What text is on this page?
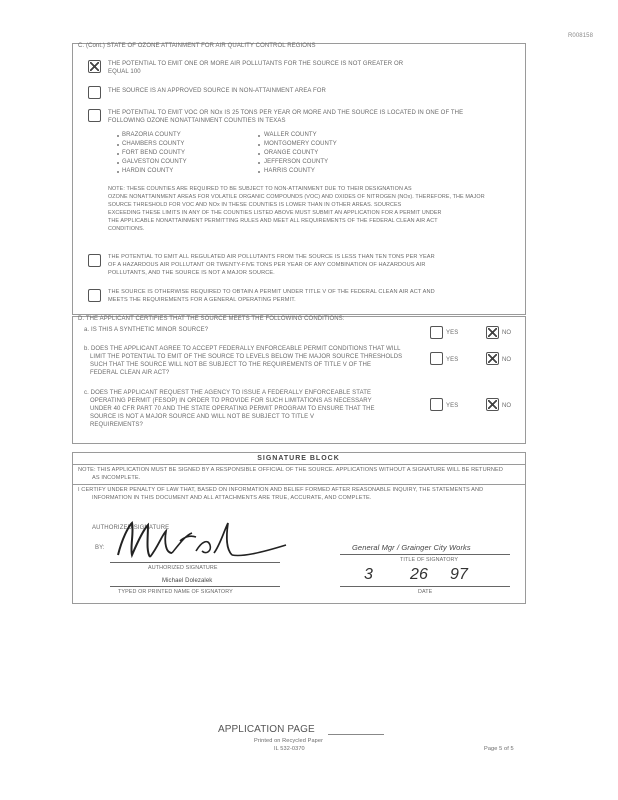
R008158
C. (Cont.) STATE OF OZONE ATTAINMENT FOR AIR QUALITY CONTROL REGIONS
THE POTENTIAL TO EMIT ONE OR MORE AIR POLLUTANTS FOR THE SOURCE IS NOT GREATER OR
EQUAL 100
THE SOURCE IS AN APPROVED SOURCE IN NON-ATTAINMENT AREA FOR
THE POTENTIAL TO EMIT VOC OR NOx IS 25 TONS PER YEAR OR MORE AND THE SOURCE IS LOCATED IN ONE OF THE
FOLLOWING OZONE NONATTAINMENT COUNTIES IN TEXAS
BRAZORIA COUNTY
CHAMBERS COUNTY
FORT BEND COUNTY
GALVESTON COUNTY
HARDIN COUNTY
WALLER COUNTY
MONTGOMERY COUNTY
ORANGE COUNTY
JEFFERSON COUNTY
HARRIS COUNTY
NOTE: THESE COUNTIES ARE REQUIRED TO BE SUBJECT TO NON-ATTAINMENT DUE TO THEIR DESIGNATION AS
OZONE NONATTAINMENT AREAS FOR VOLATILE ORGANIC COMPOUNDS (VOC) AND OXIDES OF NITROGEN (NOx). THEREFORE, THE MAJOR
SOURCE THRESHOLD FOR VOC AND NOx IN THESE COUNTIES IS LOWER THAN IN OTHER AREAS. SOURCES
EXCEEDING THESE LIMITS IN ANY OF THE COUNTIES LISTED ABOVE MUST SUBMIT AN APPLICATION FOR A PERMIT UNDER
THE APPLICABLE NONATTAINMENT PERMITTING RULES AND MEET ALL REQUIREMENTS OF THE FEDERAL CLEAN AIR ACT
CONDITIONS.
THE POTENTIAL TO EMIT ALL REGULATED AIR POLLUTANTS FROM THE SOURCE IS LESS THAN TEN TONS PER YEAR
OF A HAZARDOUS AIR POLLUTANT OR TWENTY-FIVE TONS PER YEAR OF ANY COMBINATION OF HAZARDOUS AIR
POLLUTANTS, AND THE SOURCE IS NOT A MAJOR SOURCE.
THE SOURCE IS OTHERWISE REQUIRED TO OBTAIN A PERMIT UNDER TITLE V OF THE FEDERAL CLEAN AIR ACT AND
MEETS THE REQUIREMENTS FOR A GENERAL OPERATING PERMIT.
D. THE APPLICANT CERTIFIES THAT THE SOURCE MEETS THE FOLLOWING CONDITIONS:
a. IS THIS A SYNTHETIC MINOR SOURCE?	YES	NO
b. DOES THE APPLICANT AGREE TO ACCEPT FEDERALLY ENFORCEABLE PERMIT CONDITIONS THAT WILL
LIMIT THE POTENTIAL TO EMIT OF THE SOURCE TO LEVELS BELOW THE MAJOR SOURCE THRESHOLDS
SUCH THAT THE SOURCE WILL NOT BE SUBJECT TO THE REQUIREMENTS OF TITLE V OF THE
FEDERAL CLEAN AIR ACT?
YES	NO
c. DOES THE APPLICANT REQUEST THE AGENCY TO ISSUE A FEDERALLY ENFORCEABLE STATE
OPERATING PERMIT (FESOP) IN ORDER TO PROVIDE FOR SUCH LIMITATIONS AS NECESSARY
UNDER 40 CFR PART 70 AND THE STATE OPERATING PERMIT PROGRAM TO ENSURE THAT THE
SOURCE IS NOT A MAJOR SOURCE AND WILL NOT BE SUBJECT TO TITLE V
REQUIREMENTS?
YES	NO
SIGNATURE BLOCK
NOTE: THIS APPLICATION MUST BE SIGNED BY A RESPONSIBLE OFFICIAL OF THE SOURCE. APPLICATIONS WITHOUT A SIGNATURE WILL BE RETURNED
AS INCOMPLETE.
I CERTIFY UNDER PENALTY OF LAW THAT, BASED ON INFORMATION AND BELIEF FORMED AFTER REASONABLE INQUIRY, THE STATEMENTS AND
INFORMATION IN THIS DOCUMENT AND ALL ATTACHMENTS ARE TRUE, ACCURATE, AND COMPLETE.
AUTHORIZED SIGNATURE
BY:
AUTHORIZED SIGNATURE
Michael Dolezalek
TYPED OR PRINTED NAME OF SIGNATORY
General Mgr / Grainger City Works
TITLE OF SIGNATORY
3 26 97
DATE
APPLICATION PAGE
Printed on Recycled Paper
IL 532-0370	Page 5 of 5
